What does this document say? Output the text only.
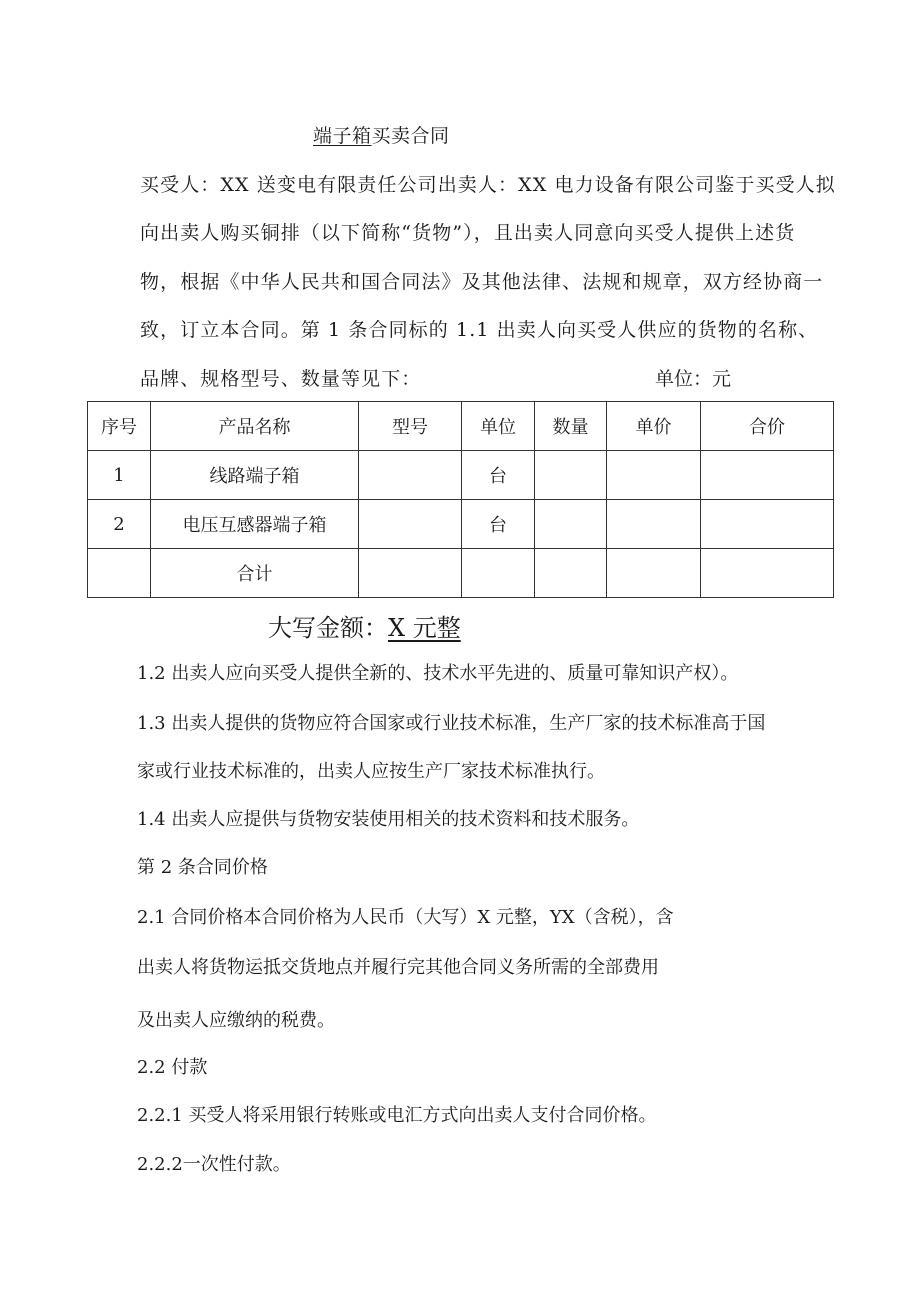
端子箱买卖合同
买受人：XX 送变电有限责任公司出卖人：XX 电力设备有限公司鉴于买受人拟
向出卖人购买铜排（以下简称“货物”），且出卖人同意向买受人提供上述货
物，根据《中华人民共和国合同法》及其他法律、法规和规章，双方经协商一
致，订立本合同。第 1 条合同标的 1.1 出卖人向买受人供应的货物的名称、
品牌、规格型号、数量等见下：	单位：元
序号	产品名称	型号	单位	数量	单价	合价
1	线路端子箱		台			
2	电压互感器端子箱		台			
	合计					
大写金额：X 元整
1.2 出卖人应向买受人提供全新的、技术水平先进的、质量可靠知识产权）。
1.3 出卖人提供的货物应符合国家或行业技术标准，生产厂家的技术标准高于国
家或行业技术标准的，出卖人应按生产厂家技术标准执行。
1.4 出卖人应提供与货物安装使用相关的技术资料和技术服务。
第 2 条合同价格
2.1 合同价格本合同价格为人民币（大写）X 元整，YX（含税），含
出卖人将货物运抵交货地点并履行完其他合同义务所需的全部费用
及出卖人应缴纳的税费。
2.2 付款
2.2.1 买受人将采用银行转账或电汇方式向出卖人支付合同价格。
2.2.2一次性付款。
